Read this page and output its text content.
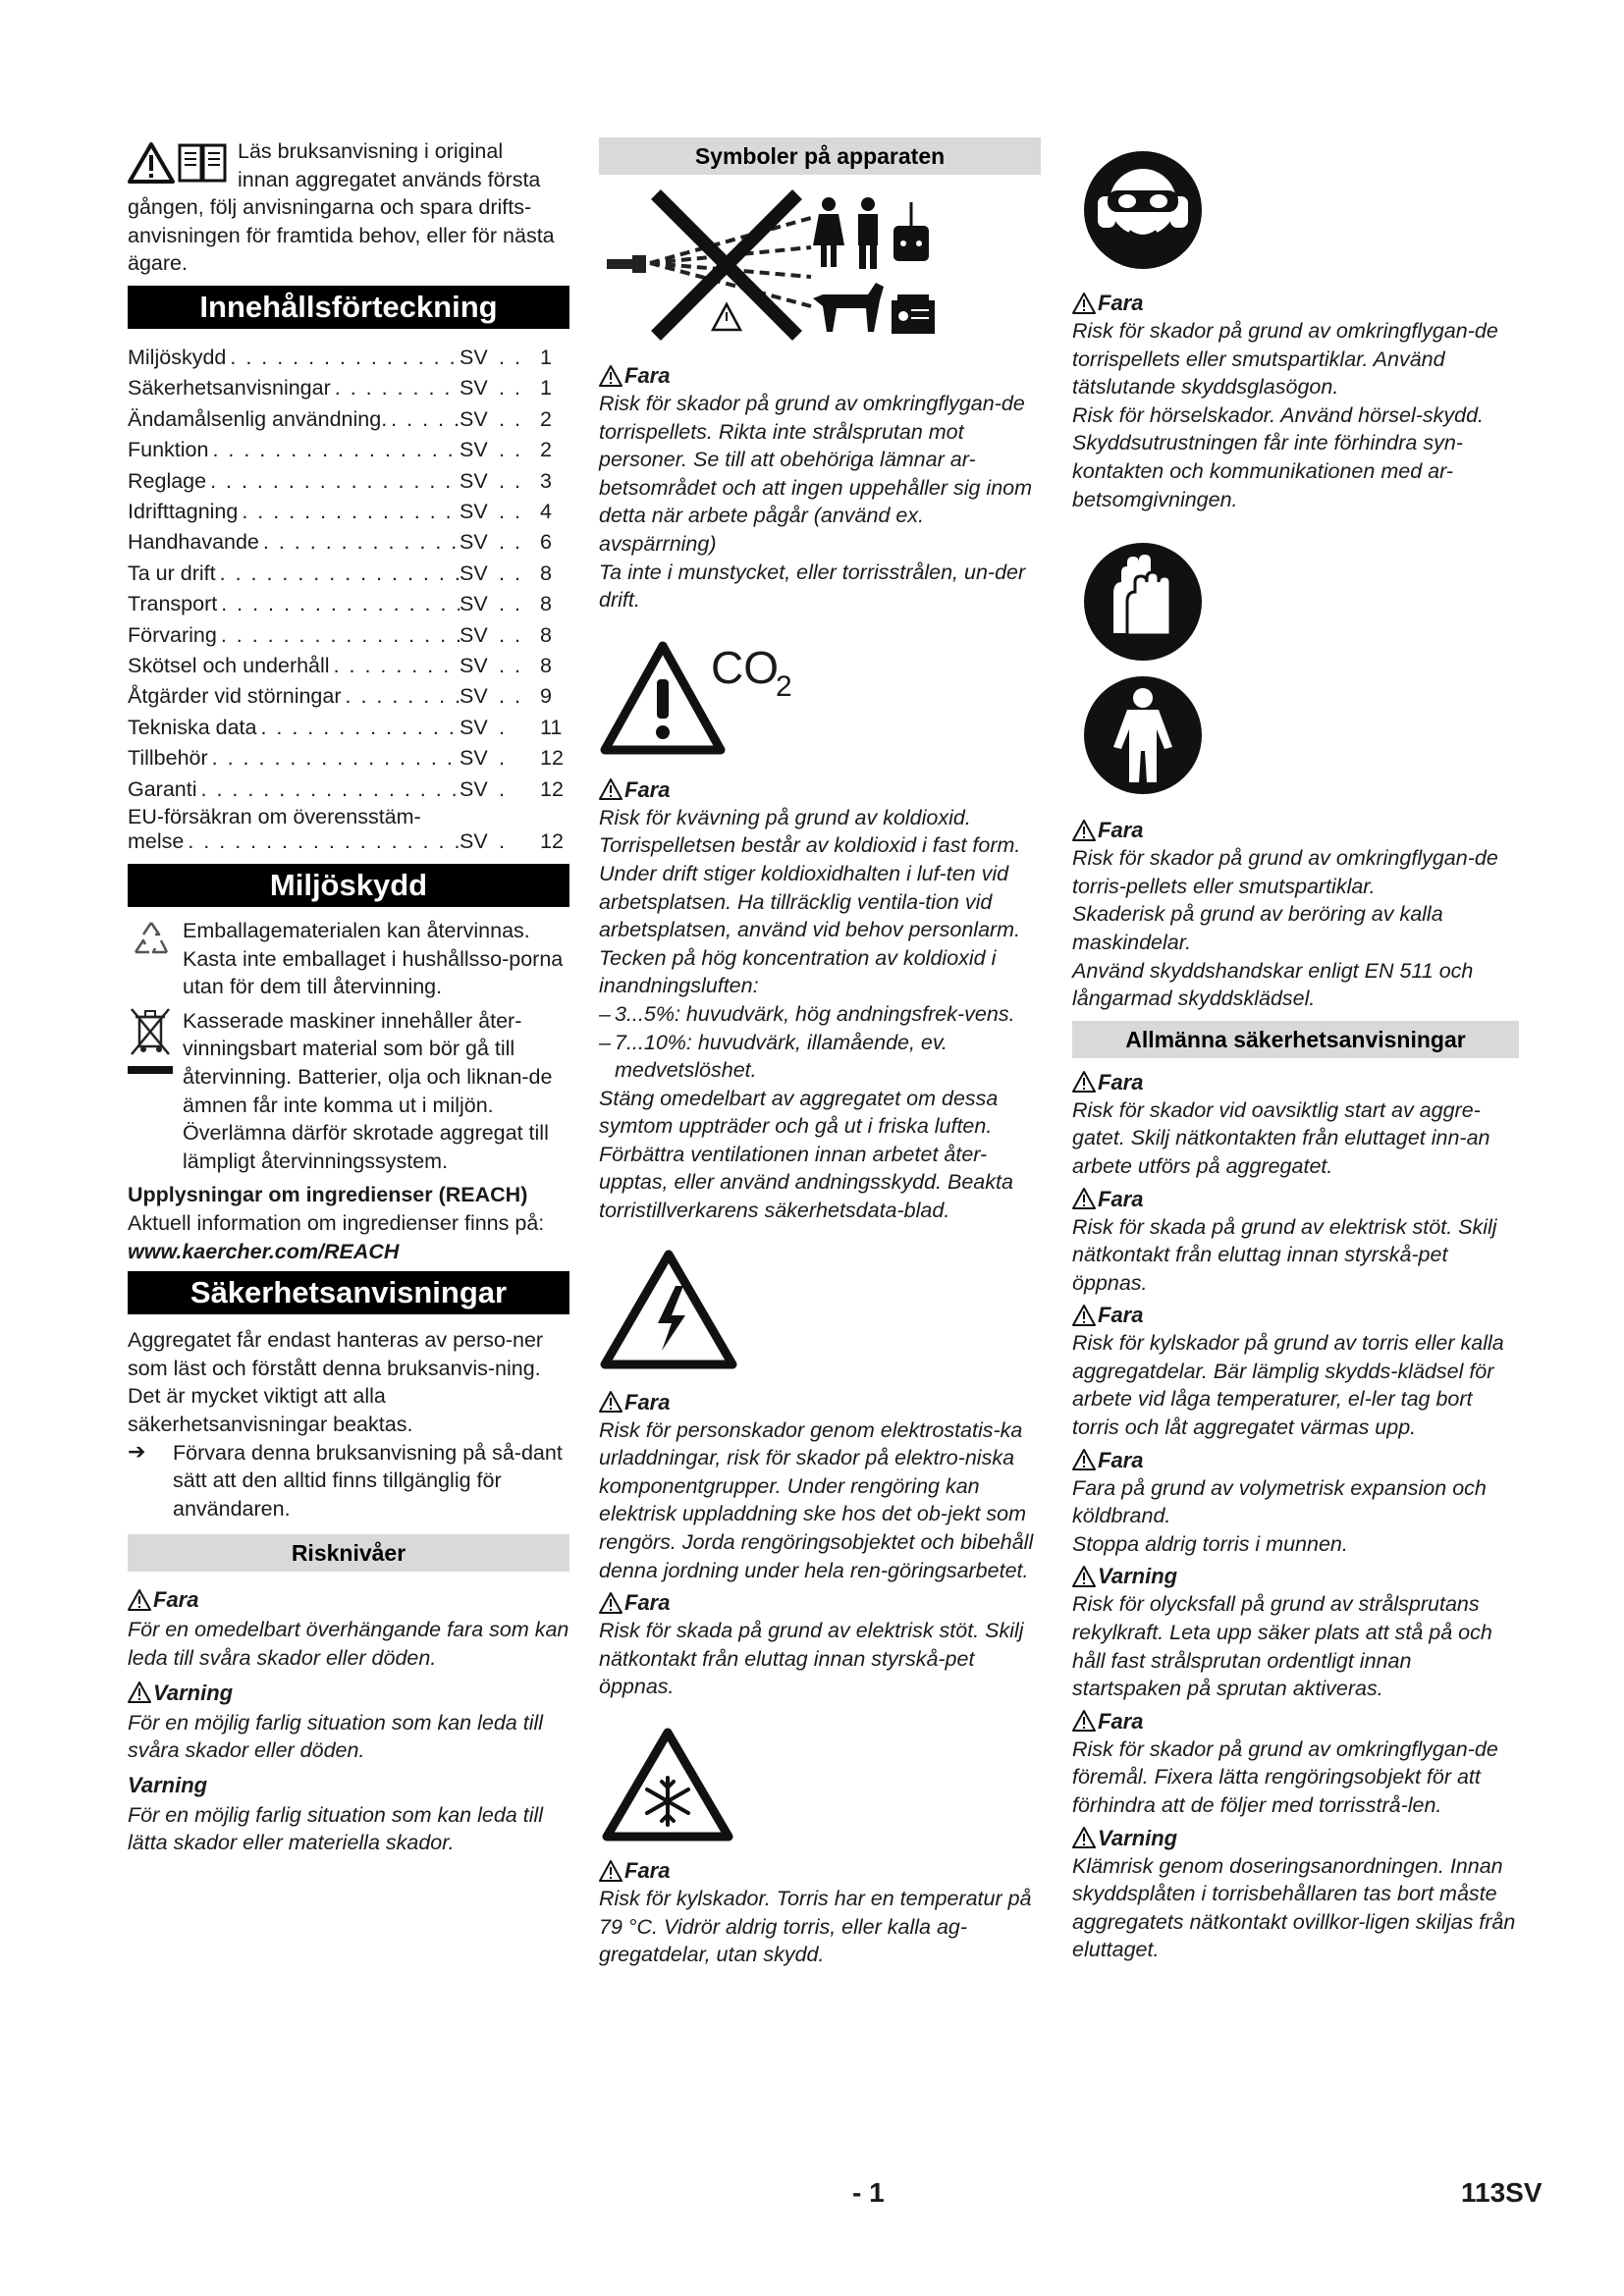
Läs bruksanvisning i original

innan aggregatet används första

gången, följ anvisningarna och spara drifts-anvisningen för framtida behov, eller för nästa ägare.

Innehållsförteckning
Miljöskydd . . .	SV . . 1
Säkerhetsanvisningar . . .	SV . . 1
Ändamålsenlig användning. . . .	SV . . 2
Funktion . . .	SV . . 2
Reglage . . .	SV . . 3
Idrifttagning . . .	SV . . 4
Handhavande . . .	SV . . 6
Ta ur drift . . .	SV . . 8
Transport . . .	SV . . 8
Förvaring . . .	SV . . 8
Skötsel och underhåll . . .	SV . . 8
Åtgärder vid störningar . . .	SV . . 9
Tekniska data . . .	SV .	11
Tillbehör . . .	SV .	12
Garanti . . .	SV .	12
EU-försäkran om överensstäm-
melse . . .	SV .	12
Miljöskydd

Emballagematerialen kan återvinnas. Kasta inte emballaget i hushållsso-porna utan för dem till återvinning.

Kasserade maskiner innehåller åter-vinningsbart material som bör gå till återvinning. Batterier, olja och liknan-de ämnen får inte komma ut i miljön. Överlämna därför skrotade aggregat till lämpligt återvinningssystem.

Upplysningar om ingredienser (REACH)

Aktuell information om ingredienser finns på:

www.kaercher.com/REACH

Säkerhetsanvisningar

Aggregatet får endast hanteras av perso-ner som läst och förstått denna bruksanvis-ning. Det är mycket viktigt att alla säkerhetsanvisningar beaktas.

➔	Förvara denna bruksanvisning på så-dant sätt att den alltid finns tillgänglig för användaren.

Risknivåer
Fara

För en omedelbart överhängande fara som kan leda till svåra skador eller döden.

Varning

För en möjlig farlig situation som kan leda till svåra skador eller döden.

Varning

För en möjlig farlig situation som kan leda till lätta skador eller materiella skador.

Symboler på apparaten
Fara

Risk för skador på grund av omkringflygan-de torrispellets. Rikta inte strålsprutan mot personer. Se till att obehöriga lämnar ar-betsområdet och att ingen uppehåller sig inom detta när arbete pågår (använd ex. avspärrning)

Ta inte i munstycket, eller torrisstrålen, un-der drift.

CO
2
Fara

Risk för kvävning på grund av koldioxid. Torrispelletsen består av koldioxid i fast form. Under drift stiger koldioxidhalten i luf-ten vid arbetsplatsen. Ha tillräcklig ventila-tion vid arbetsplatsen, använd vid behov personlarm. Tecken på hög koncentration av koldioxid i inandningsluften:

– 3...5%: huvudvärk, hög andningsfrek-vens.

– 7...10%: huvudvärk, illamående, ev. medvetslöshet.

Stäng omedelbart av aggregatet om dessa symtom uppträder och gå ut i friska luften. Förbättra ventilationen innan arbetet åter-upptas, eller använd andningsskydd. Beakta torristillverkarens säkerhetsdata-blad.

Fara

Risk för personskador genom elektrostatis-ka urladdningar, risk för skador på elektro-niska komponentgrupper. Under rengöring kan elektrisk uppladdning ske hos det ob-jekt som rengörs. Jorda rengöringsobjektet och bibehåll denna jordning under hela ren-göringsarbetet.

Fara

Risk för skada på grund av elektrisk stöt. Skilj nätkontakt från eluttag innan styrskå-pet öppnas.

Fara

Risk för kylskador. Torris har en temperatur på 79 °C. Vidrör aldrig torris, eller kalla ag-gregatdelar, utan skydd.

Fara

Risk för skador på grund av omkringflygan-de torrispellets eller smutspartiklar. Använd tätslutande skyddsglasögon.

Risk för hörselskador. Använd hörsel-skydd.

Skyddsutrustningen får inte förhindra syn-kontakten och kommunikationen med ar-betsomgivningen.

Fara

Risk för skador på grund av omkringflygan-de torris-pellets eller smutspartiklar.

Skaderisk på grund av beröring av kalla maskindelar.

Använd skyddshandskar enligt EN 511 och långarmad skyddsklädsel.

Allmänna säkerhetsanvisningar
Fara

Risk för skador vid oavsiktlig start av aggre-gatet. Skilj nätkontakten från eluttaget inn-an arbete utförs på aggregatet.

Fara

Risk för skada på grund av elektrisk stöt. Skilj nätkontakt från eluttag innan styrskå-pet öppnas.

Fara

Risk för kylskador på grund av torris eller kalla aggregatdelar. Bär lämplig skydds-klädsel för arbete vid låga temperaturer, el-ler tag bort torris och låt aggregatet värmas upp.

Fara

Fara på grund av volymetrisk expansion och köldbrand.

Stoppa aldrig torris i munnen.

Varning

Risk för olycksfall på grund av strålsprutans rekylkraft. Leta upp säker plats att stå på och håll fast strålsprutan ordentligt innan startspaken på sprutan aktiveras.

Fara

Risk för skador på grund av omkringflygan-de föremål. Fixera lätta rengöringsobjekt för att förhindra att de följer med torrisstrå-len.

Varning

Klämrisk genom doseringsanordningen. Innan skyddsplåten i torrisbehållaren tas bort måste aggregatets nätkontakt ovillkor-ligen skiljas från eluttaget.

- 1	113SV
